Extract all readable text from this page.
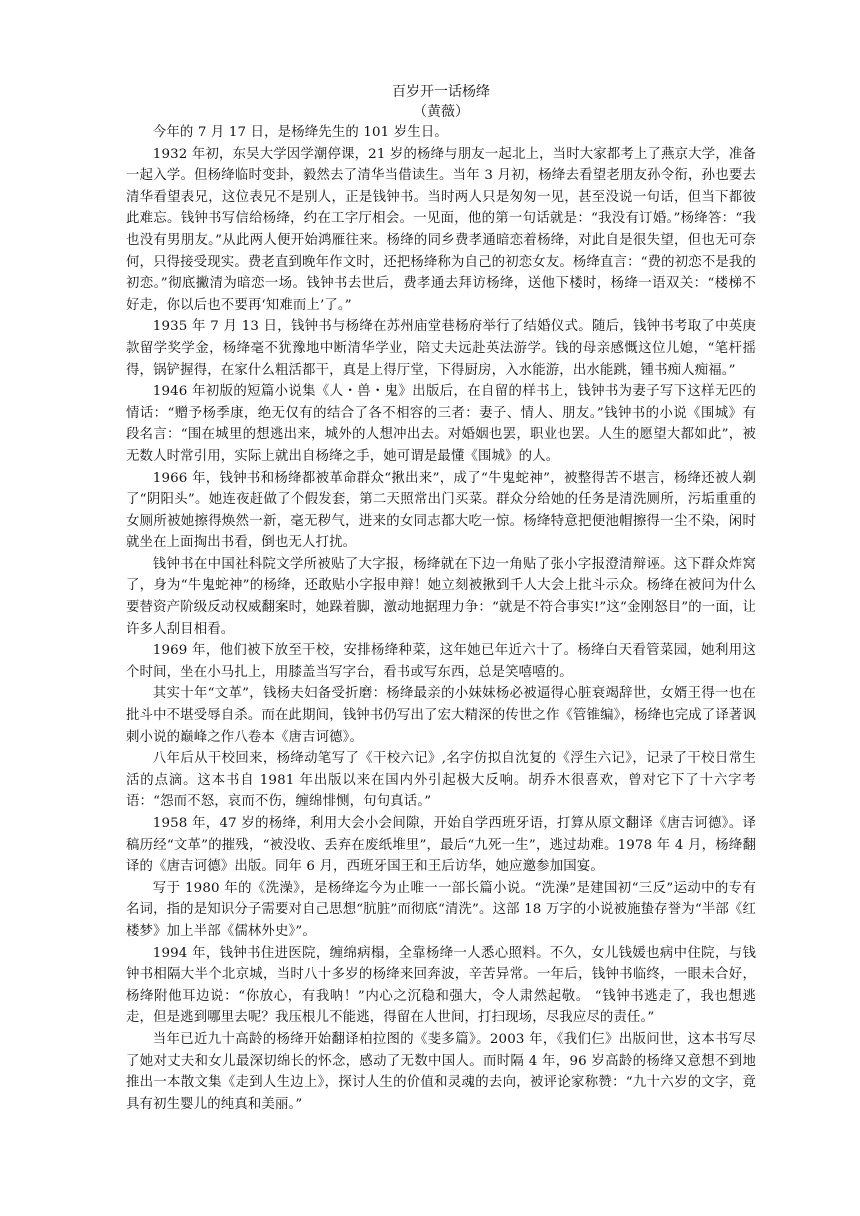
百岁开一话杨绛
（黄薇）

今年的 7 月 17 日，是杨绛先生的 101 岁生日。

1932 年初，东吴大学因学潮停课，21 岁的杨绛与朋友一起北上，当时大家都考上了燕京大学，准备一起入学。但杨绛临时变卦，毅然去了清华当借读生。当年 3 月初，杨绛去看望老朋友孙令衔，孙也要去清华看望表兄，这位表兄不是别人，正是钱钟书。当时两人只是匆匆一见，甚至没说一句话，但当下都彼此难忘。钱钟书写信给杨绛，约在工字厅相会。一见面，他的第一句话就是：“我没有订婚。”杨绛答：“我也没有男朋友。”从此两人便开始鸿雁往来。杨绛的同乡费孝通暗恋着杨绛，对此自是很失望，但也无可奈何，只得接受现实。费老直到晚年作文时，还把杨绛称为自己的初恋女友。杨绛直言：“费的初恋不是我的初恋。”彻底撇清为暗恋一场。钱钟书去世后，费孝通去拜访杨绛，送他下楼时，杨绛一语双关：“楼梯不好走，你以后也不要再‘知难而上’了。”

1935 年 7 月 13 日，钱钟书与杨绛在苏州庙堂巷杨府举行了结婚仪式。随后，钱钟书考取了中英庚款留学奖学金，杨绛毫不犹豫地中断清华学业，陪丈夫远赴英法游学。钱的母亲感慨这位儿媳，“笔杆摇得，锅铲握得，在家什么粗活都干，真是上得厅堂，下得厨房，入水能游，出水能跳，锺书痴人痴福。”

1946 年初版的短篇小说集《人・兽・鬼》出版后，在自留的样书上，钱钟书为妻子写下这样无匹的情话：“赠予杨季康，绝无仅有的结合了各不相容的三者：妻子、情人、朋友。”钱钟书的小说《围城》有段名言：“围在城里的想逃出来，城外的人想冲出去。对婚姻也罢，职业也罢。人生的愿望大都如此”，被无数人时常引用，实际上就出自杨绛之手，她可谓是最懂《围城》的人。

1966 年，钱钟书和杨绛都被革命群众“揪出来”，成了“牛鬼蛇神”，被整得苦不堪言，杨绛还被人剃了“阴阳头”。她连夜赶做了个假发套，第二天照常出门买菜。群众分给她的任务是清洗厕所，污垢重重的女厕所被她擦得焕然一新，毫无秽气，进来的女同志都大吃一惊。杨绛特意把便池帽擦得一尘不染，闲时就坐在上面掏出书看，倒也无人打扰。

钱钟书在中国社科院文学所被贴了大字报，杨绛就在下边一角贴了张小字报澄清辩诬。这下群众炸窝了，身为“牛鬼蛇神”的杨绛，还敢贴小字报申辩！她立刻被揪到千人大会上批斗示众。杨绛在被问为什么要替资产阶级反动权威翻案时，她跺着脚，激动地据理力争：“就是不符合事实!”这“金刚怒目”的一面，让许多人刮目相看。

1969 年，他们被下放至干校，安排杨绛种菜，这年她已年近六十了。杨绛白天看管菜园，她利用这个时间，坐在小马扎上，用膝盖当写字台，看书或写东西，总是笑嘻嘻的。

其实十年“文革”，钱杨夫妇备受折磨：杨绛最亲的小妹妹杨必被逼得心脏衰竭辞世，女婿王得一也在批斗中不堪受辱自杀。而在此期间，钱钟书仍写出了宏大精深的传世之作《管锥编》，杨绛也完成了译著讽刺小说的巅峰之作八卷本《唐吉诃德》。

八年后从干校回来，杨绛动笔写了《干校六记》,名字仿拟自沈复的《浮生六记》，记录了干校日常生活的点滴。这本书自 1981 年出版以来在国内外引起极大反响。胡乔木很喜欢，曾对它下了十六字考语：“怨而不怒，哀而不伤，缠绵悱恻，句句真话。”

1958 年，47 岁的杨绛，利用大会小会间隙，开始自学西班牙语，打算从原文翻译《唐吉诃德》。译稿历经“文革”的摧残，“被没收、丢弃在废纸堆里”，最后“九死一生”，逃过劫难。1978 年 4 月，杨绛翻译的《唐吉诃德》出版。同年 6 月，西班牙国王和王后访华，她应邀参加国宴。

写于 1980 年的《洗澡》，是杨绛迄今为止唯一一部长篇小说。“洗澡”是建国初“三反”运动中的专有名词，指的是知识分子需要对自己思想“肮脏”而彻底“清洗”。这部 18 万字的小说被施蛰存誉为“半部《红楼梦》加上半部《儒林外史》”。

1994 年，钱钟书住进医院，缠绵病榻，全靠杨绛一人悉心照料。不久，女儿钱媛也病中住院，与钱钟书相隔大半个北京城，当时八十多岁的杨绛来回奔波，辛苦异常。一年后，钱钟书临终，一眼未合好，杨绛附他耳边说：“你放心，有我呐！”内心之沉稳和强大，令人肃然起敬。 “钱钟书逃走了，我也想逃走，但是逃到哪里去呢？我压根儿不能逃，得留在人世间，打扫现场，尽我应尽的责任。”

当年已近九十高龄的杨绛开始翻译柏拉图的《斐多篇》。2003 年，《我们仨》出版问世，这本书写尽了她对丈夫和女儿最深切绵长的怀念，感动了无数中国人。而时隔 4 年，96 岁高龄的杨绛又意想不到地推出一本散文集《走到人生边上》，探讨人生的价值和灵魂的去向，被评论家称赞：“九十六岁的文字，竟具有初生婴儿的纯真和美丽。”
